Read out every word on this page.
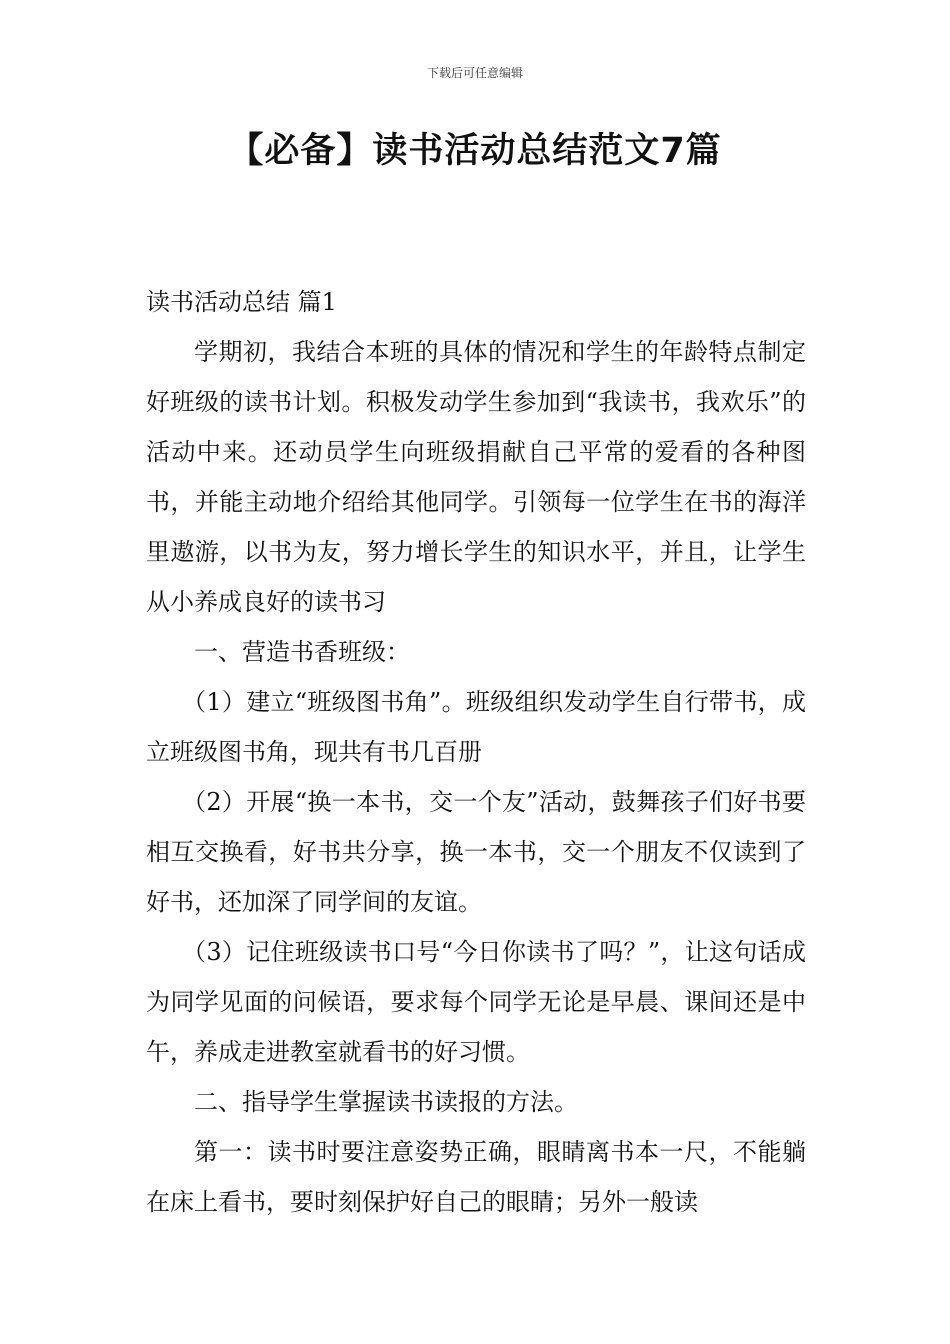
下载后可任意编辑
【必备】读书活动总结范文7篇
读书活动总结 篇1

学期初，我结合本班的具体的情况和学生的年龄特点制定好班级的读书计划。积极发动学生参加到“我读书，我欢乐”的活动中来。还动员学生向班级捐献自己平常的爱看的各种图书，并能主动地介绍给其他同学。引领每一位学生在书的海洋里遨游，以书为友，努力增长学生的知识水平，并且，让学生从小养成良好的读书习

一、营造书香班级：

（1）建立“班级图书角”。班级组织发动学生自行带书，成立班级图书角，现共有书几百册

（2）开展“换一本书，交一个友”活动，鼓舞孩子们好书要相互交换看，好书共分享，换一本书，交一个朋友不仅读到了好书，还加深了同学间的友谊。

（3）记住班级读书口号“今日你读书了吗？”，让这句话成为同学见面的问候语，要求每个同学无论是早晨、课间还是中午，养成走进教室就看书的好习惯。

二、指导学生掌握读书读报的方法。

第一：读书时要注意姿势正确，眼睛离书本一尺，不能躺在床上看书，要时刻保护好自己的眼睛；另外一般读
